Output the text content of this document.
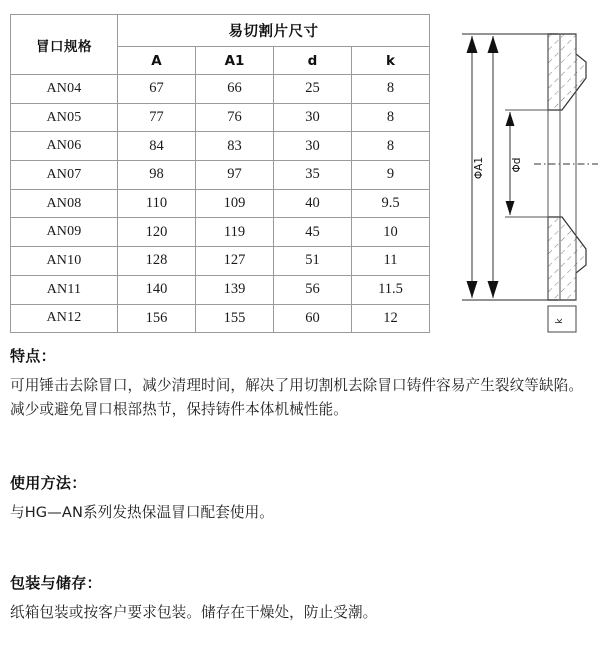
冒口规格	易切割片尺寸			
	A	A1	d	k
AN04	67	66	25	8
AN05	77	76	30	8
AN06	84	83	30	8
AN07	98	97	35	9
AN08	110	109	40	9.5
AN09	120	119	45	10
AN10	128	127	51	11
AN11	140	139	56	11.5
AN12	156	155	60	12
ΦA1 Φd
k

特点：

可用锤击去除冒口，减少清理时间，解决了用切割机去除冒口铸件容易产生裂纹等缺陷。减少或避免冒口根部热节，保持铸件本体机械性能。

使用方法：

与HG—AN系列发热保温冒口配套使用。

包装与储存：

纸箱包装或按客户要求包装。储存在干燥处，防止受潮。
